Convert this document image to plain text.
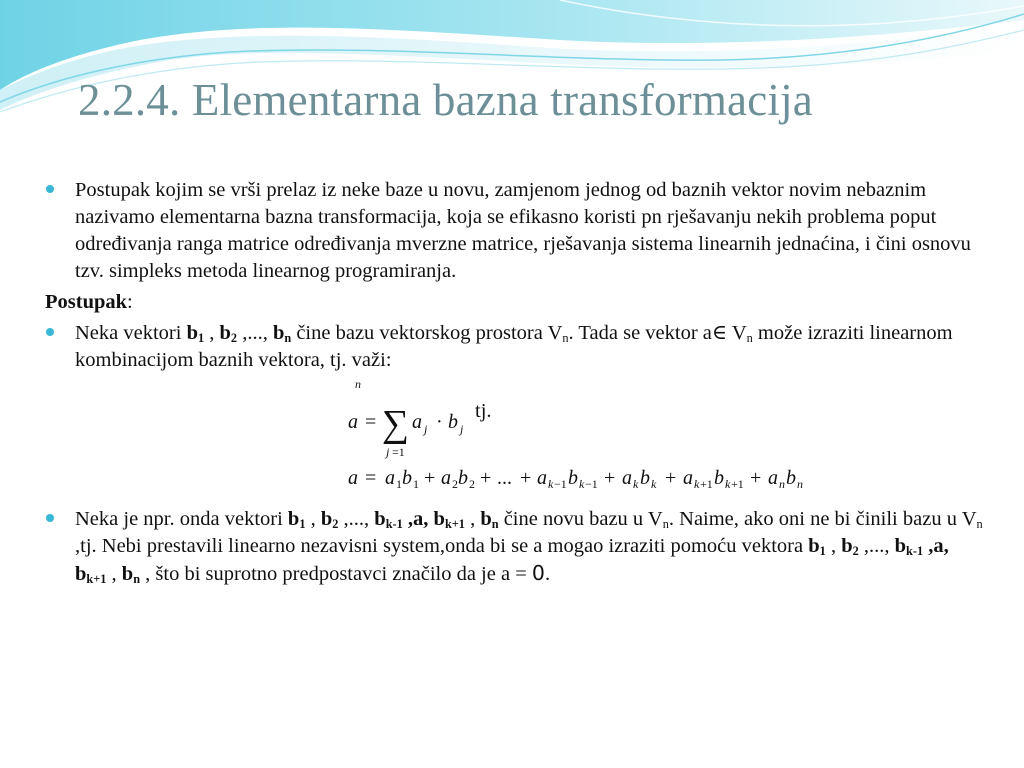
2.2.4. Elementarna bazna transformacija
Postupak kojim se vrši prelaz iz neke baze u novu, zamjenom jednog od baznih vektor novim nebaznim nazivamo elementarna bazna transformacija, koja se efikasno koristi pn rješavanju nekih problema poput određivanja ranga matrice određivanja mverzne matrice, rješavanja sistema linearnih jednaćina, i čini osnovu tzv. simpleks metoda linearnog programiranja.
Postupak:
Neka vektori $b_1$ , $b_2$ ,..., $b_n$ čine bazu vektorskog prostora $V_n$. Tada se vektor a∈ $V_n$ može izraziti linearnom kombinacijom baznih vektora, tj. važi:
n
a = ∑
j =1
a j · b j
a = a 1 b 1 + a 2 b 2 + ... + a k −1 b k −1 + a k b k + a k +1 b k +1 + a n b n
tj.
Neka je npr. onda vektori $b_1$ , $b_2$ ,..., $b_{k-1}$ ,a, $b_{k+1}$ , $b_n$ čine novu bazu u $V_n$. Naime, ako oni ne bi činili bazu u $V_n$ ,tj. Nebi prestavili linearno nezavisni system,onda bi se a mogao izraziti pomoću vektora $b_1$ , $b_2$ ,..., $b_{k-1}$ ,a, $b_{k+1}$ , $b_n$ , što bi suprotno predpostavci značilo da je a = 0.
